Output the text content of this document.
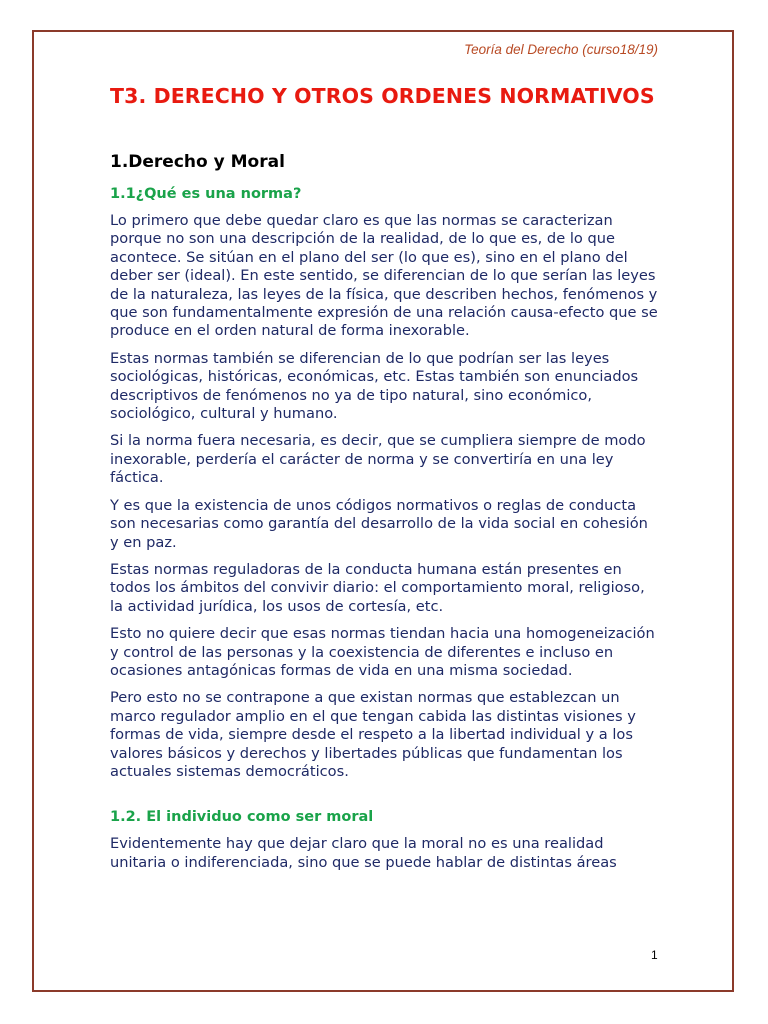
Teoría del Derecho (curso18/19)
T3. DERECHO Y OTROS ORDENES NORMATIVOS
1.Derecho y Moral
1.1¿Qué es una norma?

Lo primero que debe quedar claro es que las normas se caracterizan porque no son una descripción de la realidad, de lo que es, de lo que acontece. Se sitúan en el plano del ser (lo que es), sino en el plano del deber ser (ideal). En este sentido, se diferencian de lo que serían las leyes de la naturaleza, las leyes de la física, que describen hechos, fenómenos y que son fundamentalmente expresión de una relación causa-efecto que se produce en el orden natural de forma inexorable.

Estas normas también se diferencian de lo que podrían ser las leyes sociológicas, históricas, económicas, etc. Estas también son enunciados descriptivos de fenómenos no ya de tipo natural, sino económico, sociológico, cultural y humano.

Si la norma fuera necesaria, es decir, que se cumpliera siempre de modo inexorable, perdería el carácter de norma y se convertiría en una ley fáctica.

Y es que la existencia de unos códigos normativos o reglas de conducta son necesarias como garantía del desarrollo de la vida social en cohesión y en paz.

Estas normas reguladoras de la conducta humana están presentes en todos los ámbitos del convivir diario: el comportamiento moral, religioso, la actividad jurídica, los usos de cortesía, etc.

Esto no quiere decir que esas normas tiendan hacia una homogeneización y control de las personas y la coexistencia de diferentes e incluso en ocasiones antagónicas formas de vida en una misma sociedad.

Pero esto no se contrapone a que existan normas que establezcan un marco regulador amplio en el que tengan cabida las distintas visiones y formas de vida, siempre desde el respeto a la libertad individual y a los valores básicos y derechos y libertades públicas que fundamentan los actuales sistemas democráticos.

1.2. El individuo como ser moral

Evidentemente hay que dejar claro que la moral no es una realidad unitaria o indiferenciada, sino que se puede hablar de distintas áreas

1
